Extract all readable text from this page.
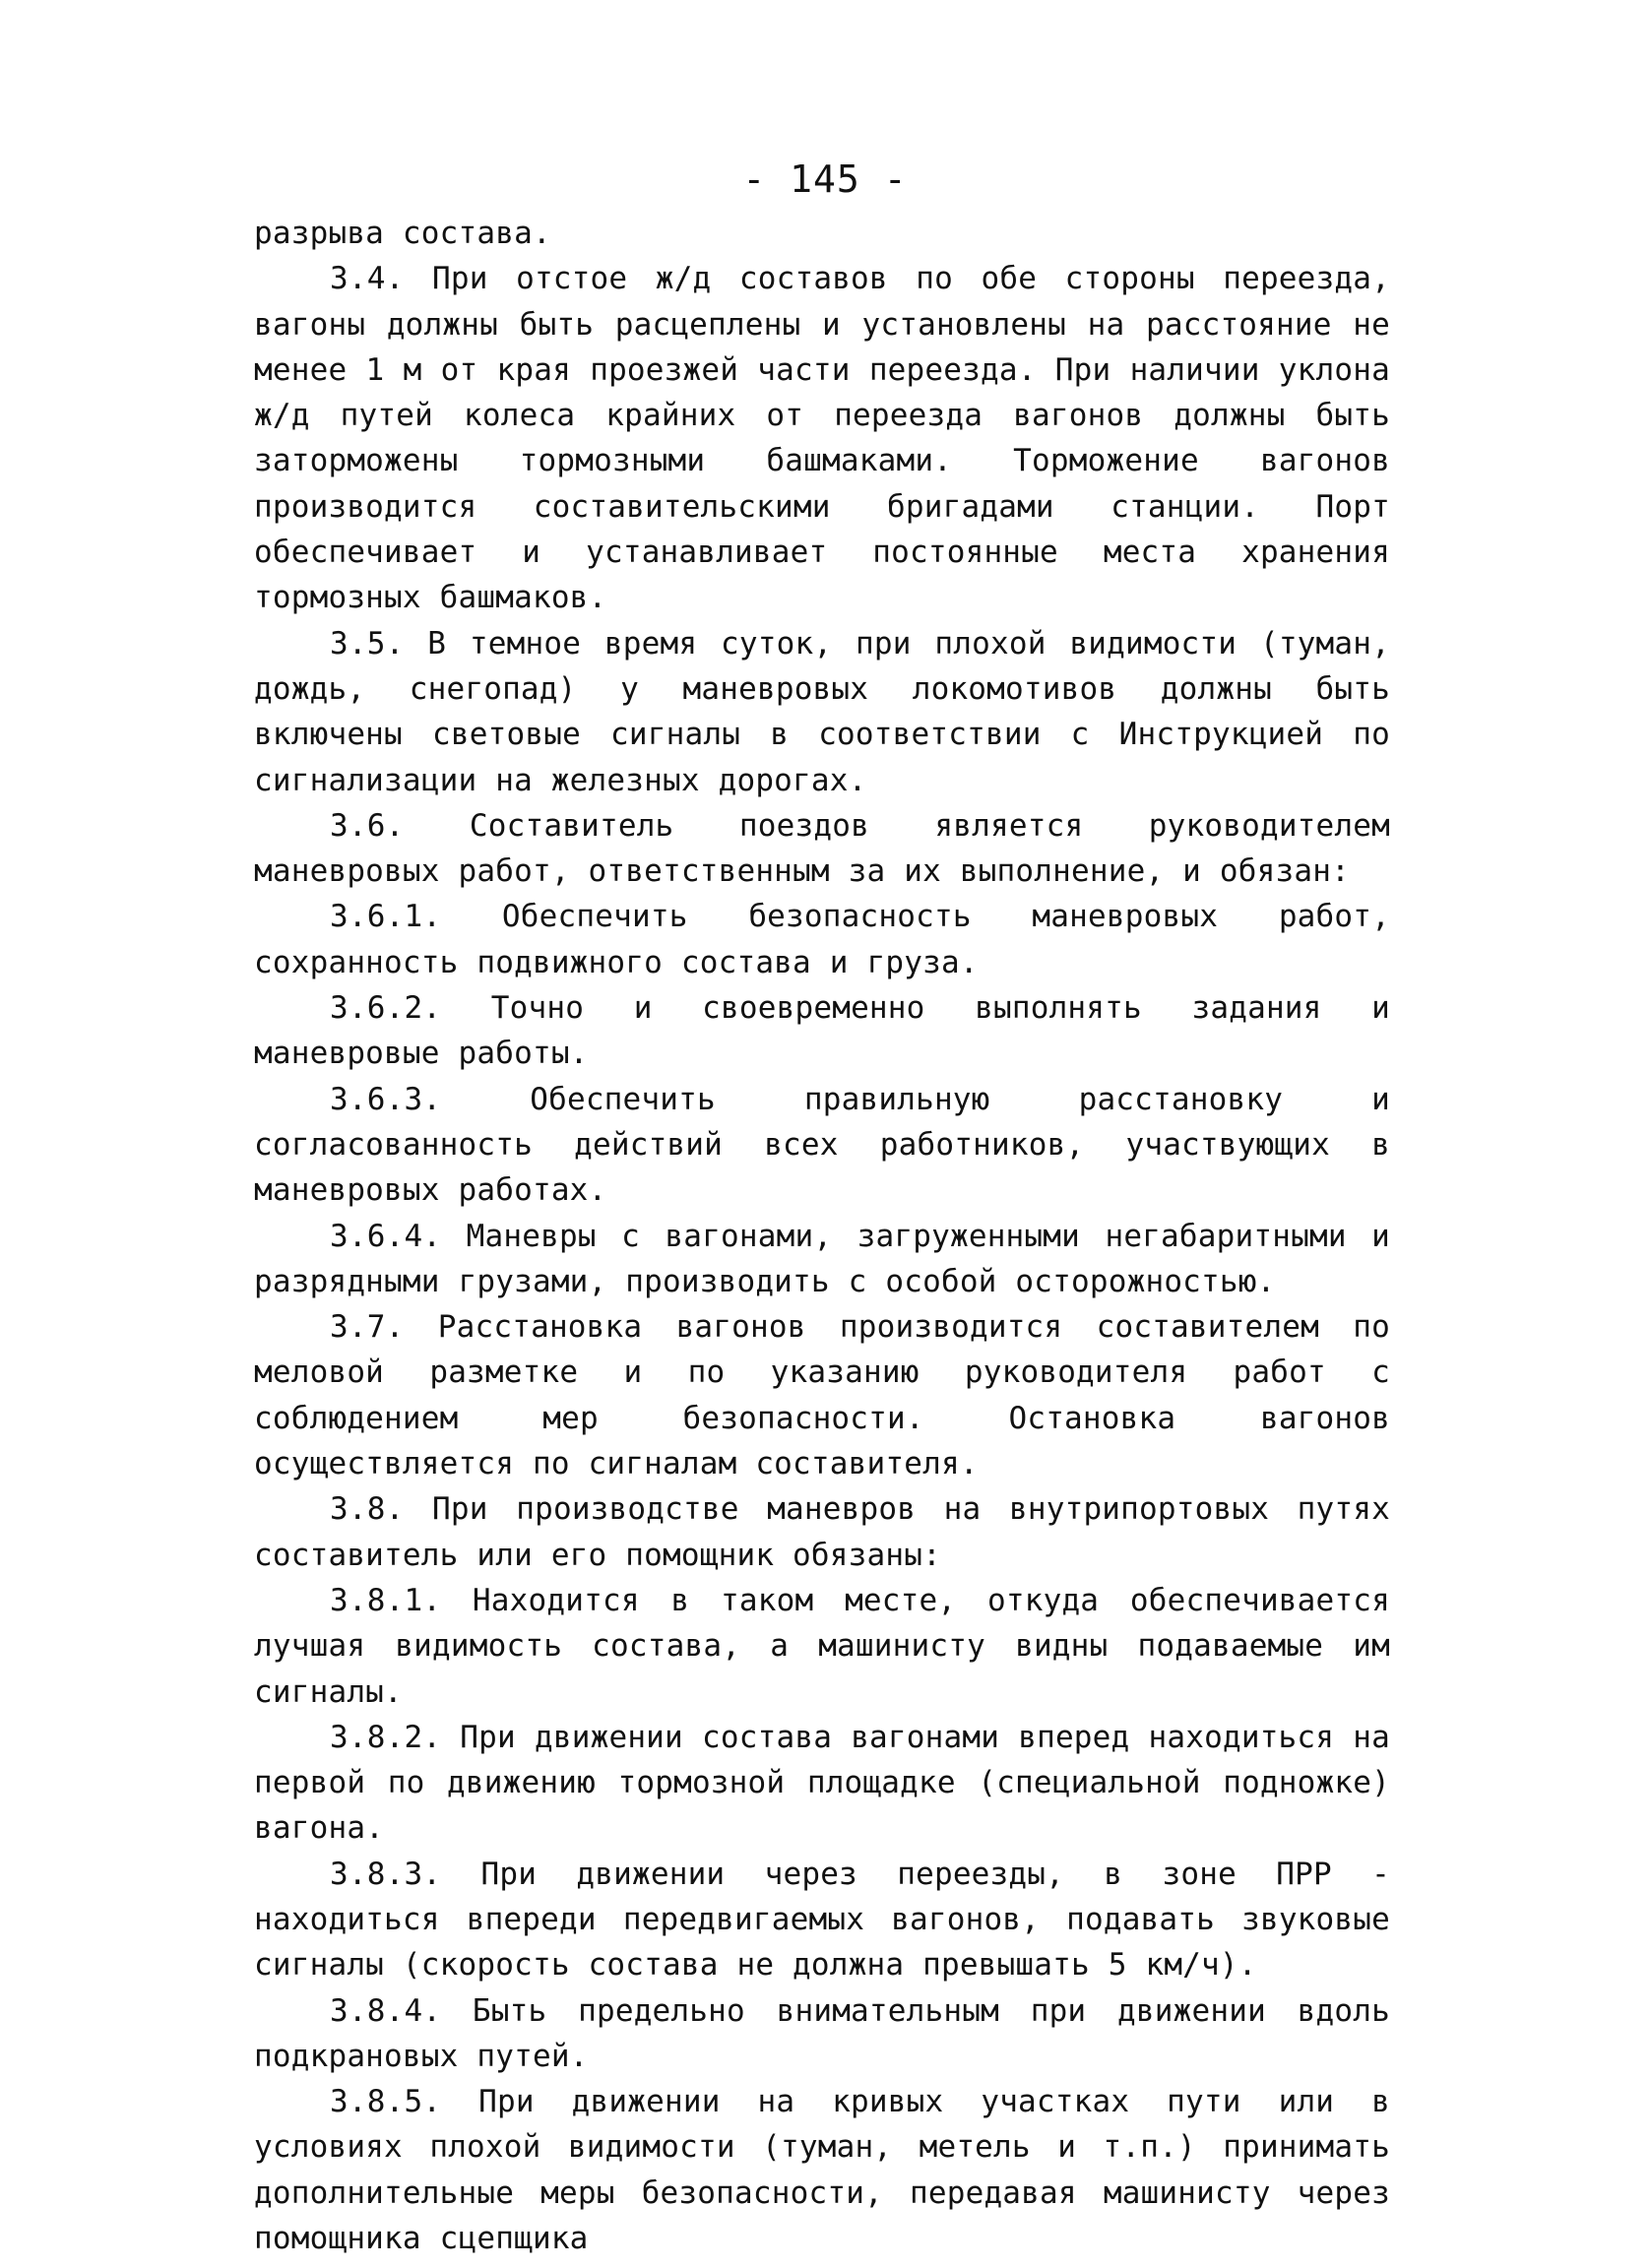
- 145 -

разрыва состава.

3.4. При отстое ж/д составов по обе стороны переезда, вагоны должны быть расцеплены и установлены на расстояние не менее 1 м от края проезжей части переезда. При наличии уклона ж/д путей колеса крайних от переезда вагонов должны быть заторможены тормозными башмаками. Торможение вагонов производится составительскими бригадами станции. Порт обеспечивает и устанавливает постоянные места хранения тормозных башмаков.

3.5. В темное время суток, при плохой видимости (туман, дождь, снегопад) у маневровых локомотивов должны быть включены световые сигналы в соответствии с Инструкцией по сигнализации на железных дорогах.

3.6. Составитель поездов является руководителем маневровых работ, ответственным за их выполнение, и обязан:

3.6.1. Обеспечить безопасность маневровых работ, сохранность подвижного состава и груза.

3.6.2. Точно и своевременно выполнять задания и маневровые работы.

3.6.3. Обеспечить правильную расстановку и согласованность действий всех работников, участвующих в маневровых работах.

3.6.4. Маневры с вагонами, загруженными негабаритными и разрядными грузами, производить с особой осторожностью.

3.7. Расстановка вагонов производится составителем по меловой разметке и по указанию руководителя работ с соблюдением мер безопасности. Остановка вагонов осуществляется по сигналам составителя.

3.8. При производстве маневров на внутрипортовых путях составитель или его помощник обязаны:

3.8.1. Находится в таком месте, откуда обеспечивается лучшая видимость состава, а машинисту видны подаваемые им сигналы.

3.8.2. При движении состава вагонами вперед находиться на первой по движению тормозной площадке (специальной подножке) вагона.

3.8.3. При движении через переезды, в зоне ПРР - находиться впереди передвигаемых вагонов, подавать звуковые сигналы (скорость состава не должна превышать 5 км/ч).

3.8.4. Быть предельно внимательным при движении вдоль подкрановых путей.

3.8.5. При движении на кривых участках пути или в условиях плохой видимости (туман, метель и т.п.) принимать дополнительные меры безопасности, передавая машинисту через помощника сцепщика
